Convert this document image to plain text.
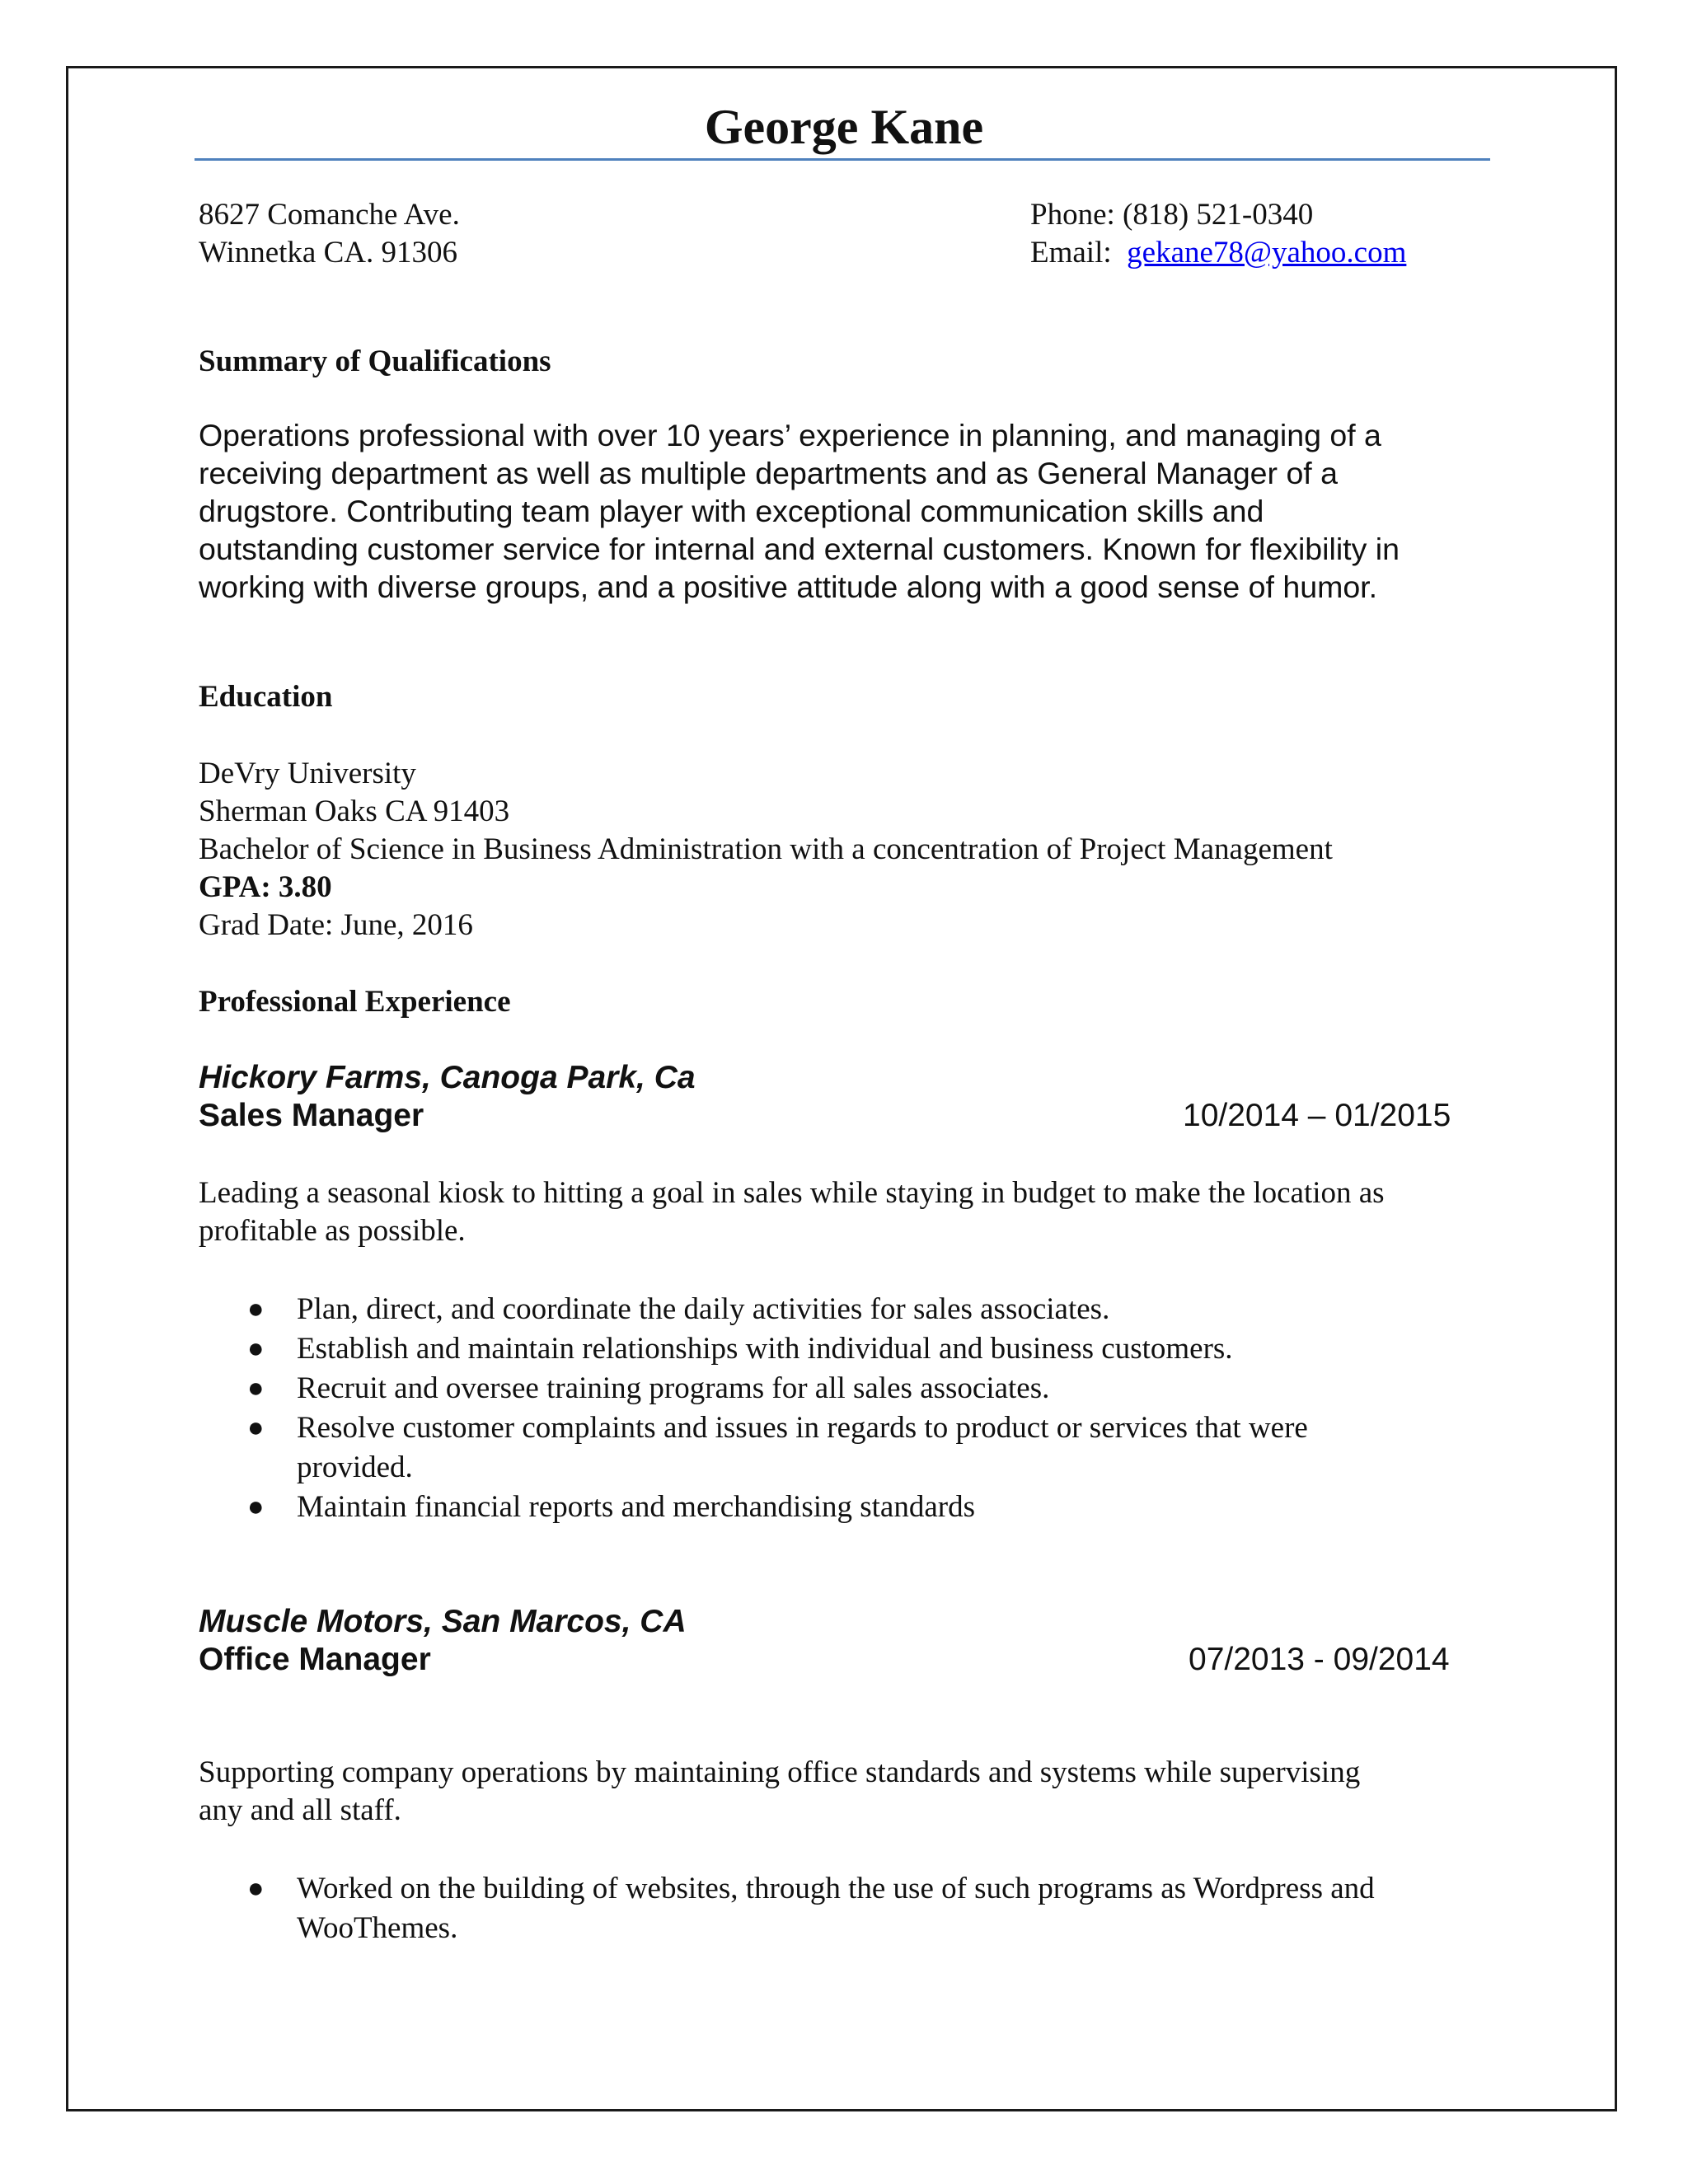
George Kane
8627 Comanche Ave.
Winnetka CA. 91306
Phone: (818) 521-0340
Email:  gekane78@yahoo.com
Summary of Qualifications
Operations professional with over 10 years’ experience in planning, and managing of a
receiving department as well as multiple departments and as General Manager of a
drugstore. Contributing team player with exceptional communication skills and
outstanding customer service for internal and external customers. Known for flexibility in
working with diverse groups, and a positive attitude along with a good sense of humor.
Education
DeVry University
Sherman Oaks CA 91403
Bachelor of Science in Business Administration with a concentration of Project Management
GPA: 3.80
Grad Date: June, 2016
Professional Experience
Hickory Farms, Canoga Park, Ca
Sales Manager	10/2014 – 01/2015
Leading a seasonal kiosk to hitting a goal in sales while staying in budget to make the location as
profitable as possible.
● Plan, direct, and coordinate the daily activities for sales associates.
● Establish and maintain relationships with individual and business customers.
● Recruit and oversee training programs for all sales associates.
● Resolve customer complaints and issues in regards to product or services that were
provided.
● Maintain financial reports and merchandising standards
Muscle Motors, San Marcos, CA
Office Manager	07/2013 - 09/2014
Supporting company operations by maintaining office standards and systems while supervising
any and all staff.
● Worked on the building of websites, through the use of such programs as Wordpress and
WooThemes.
